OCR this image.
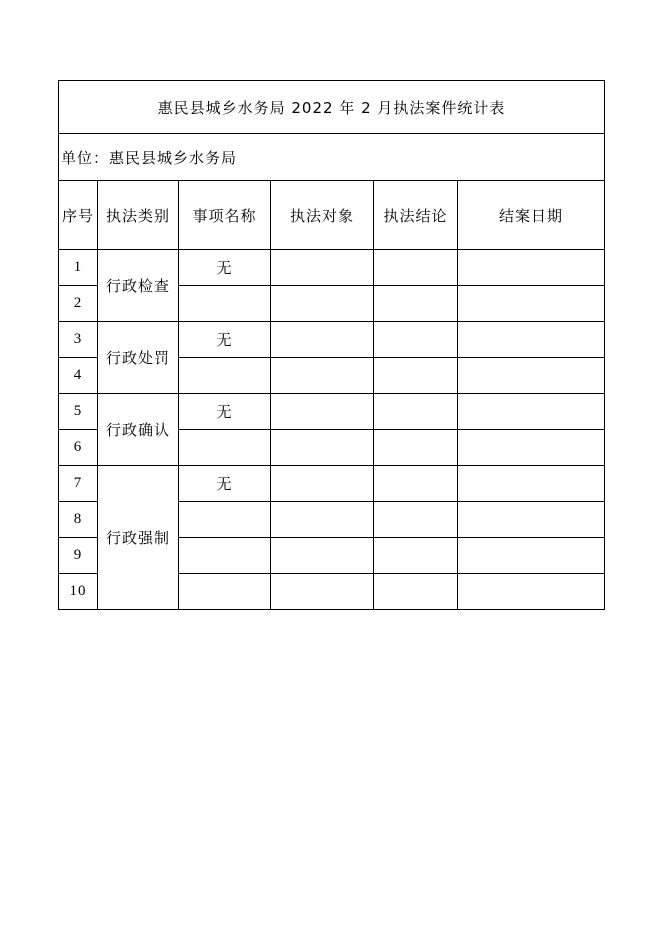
惠民县城乡水务局 2022 年 2 月执法案件统计表					
单位：惠民县城乡水务局					
序号	执法类别	事项名称	执法对象	执法结论	结案日期
1	行政检查	无			
2					
3	行政处罚	无			
4					
5	行政确认	无			
6					
7	行政强制	无			
8					
9					
10					
